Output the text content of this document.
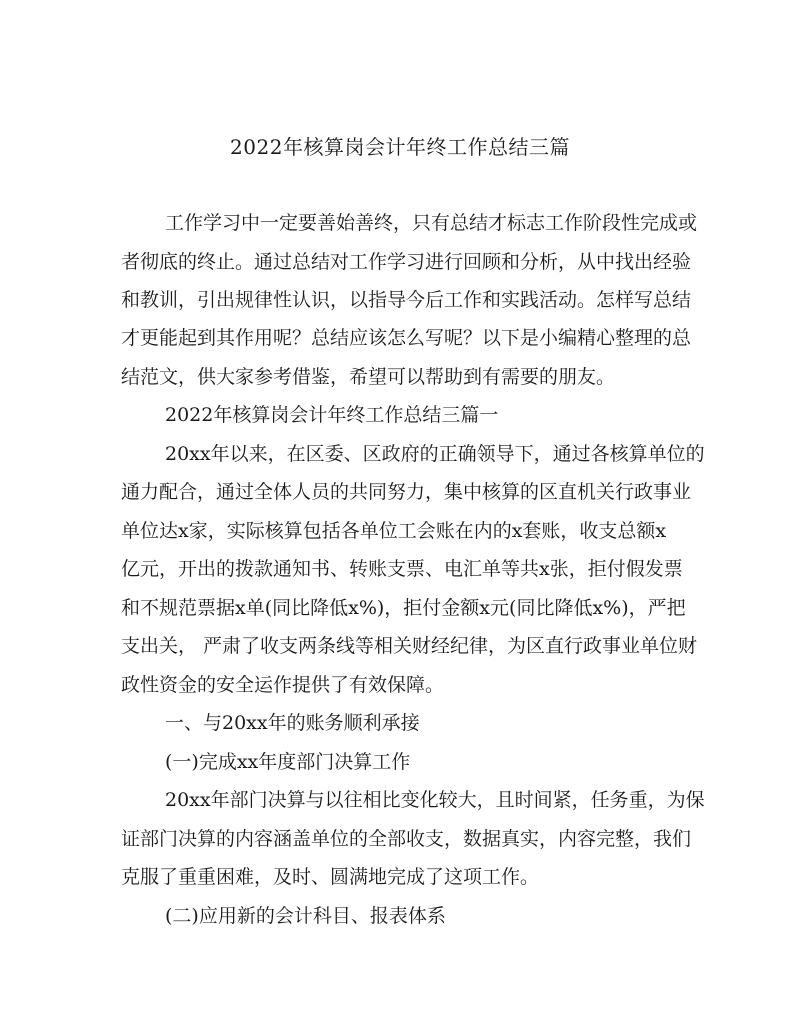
2022年核算岗会计年终工作总结三篇
工作学习中一定要善始善终，只有总结才标志工作阶段性完成或
者彻底的终止。通过总结对工作学习进行回顾和分析，从中找出经验
和教训，引出规律性认识，以指导今后工作和实践活动。怎样写总结
才更能起到其作用呢？总结应该怎么写呢？以下是小编精心整理的总
结范文，供大家参考借鉴，希望可以帮助到有需要的朋友。
2022年核算岗会计年终工作总结三篇一
20xx年以来，在区委、区政府的正确领导下，通过各核算单位的
通力配合，通过全体人员的共同努力，集中核算的区直机关行政事业
单位达x家，实际核算包括各单位工会账在内的x套账，收支总额x
亿元，开出的拨款通知书、转账支票、电汇单等共x张，拒付假发票
和不规范票据x单(同比降低x%)，拒付金额x元(同比降低x%)，严把
支出关， 严肃了收支两条线等相关财经纪律，为区直行政事业单位财
政性资金的安全运作提供了有效保障。
一、与20xx年的账务顺利承接
(一)完成xx年度部门决算工作
20xx年部门决算与以往相比变化较大，且时间紧，任务重，为保
证部门决算的内容涵盖单位的全部收支，数据真实，内容完整，我们
克服了重重困难，及时、圆满地完成了这项工作。
(二)应用新的会计科目、报表体系
